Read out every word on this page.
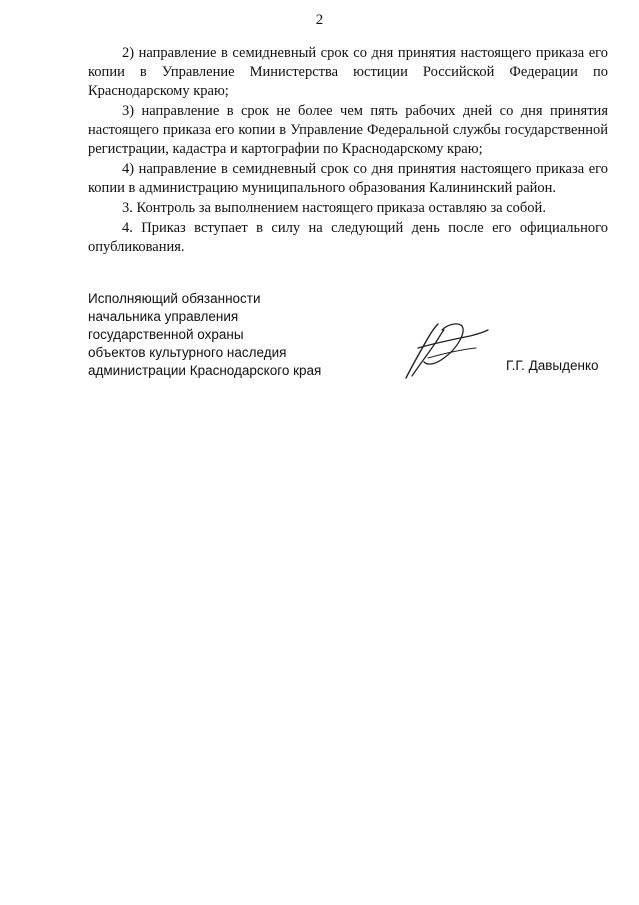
2

2) направление в семидневный срок со дня принятия настоящего приказа его копии в Управление Министерства юстиции Российской Федерации по Краснодарскому краю;

3) направление в срок не более чем пять рабочих дней со дня принятия настоящего приказа его копии в Управление Федеральной службы государственной регистрации, кадастра и картографии по Краснодарскому краю;

4) направление в семидневный срок со дня принятия настоящего приказа его копии в администрацию муниципального образования Калининский район.

3. Контроль за выполнением настоящего приказа оставляю за собой.

4. Приказ вступает в силу на следующий день после его официального опубликования.

Исполняющий обязанности
начальника управления
государственной охраны
объектов культурного наследия
администрации Краснодарского края	Г.Г. Давыденко
